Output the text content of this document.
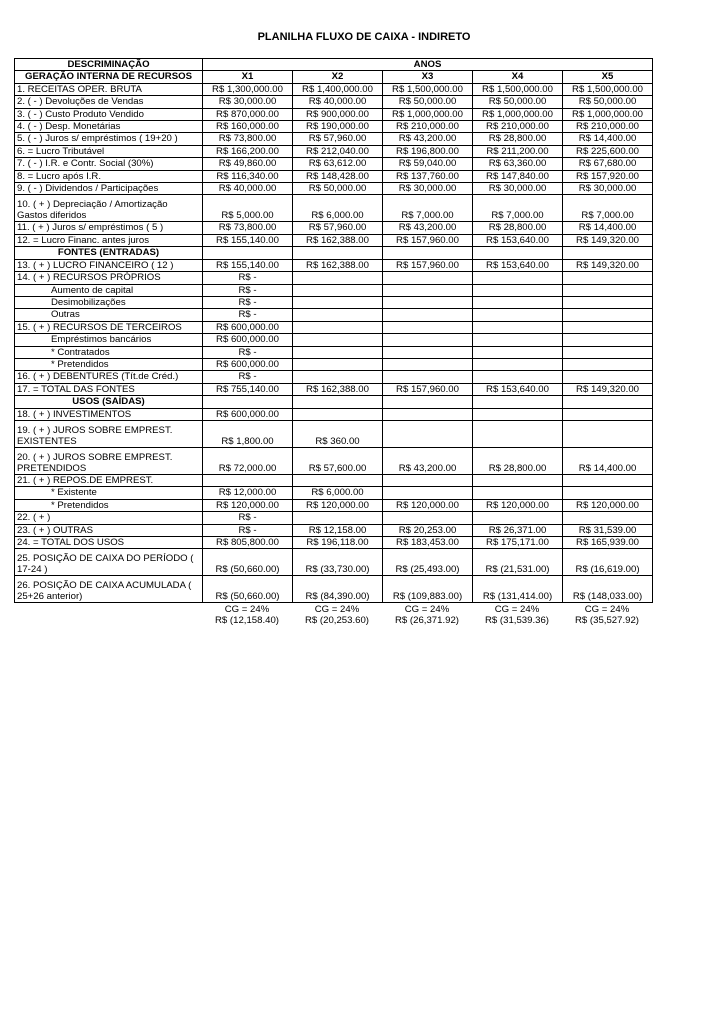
PLANILHA FLUXO DE CAIXA - INDIRETO
DESCRIMINAÇÃO	ANOS				
GERAÇÃO INTERNA DE RECURSOS	X1	X2	X3	X4	X5
1. RECEITAS OPER. BRUTA	R$ 1,300,000.00	R$ 1,400,000.00	R$ 1,500,000.00	R$ 1,500,000.00	R$ 1,500,000.00
2. ( - ) Devoluções de Vendas	R$ 30,000.00	R$ 40,000.00	R$ 50,000.00	R$ 50,000.00	R$ 50,000.00
3. ( - ) Custo Produto Vendido	R$ 870,000.00	R$ 900,000.00	R$ 1,000,000.00	R$ 1,000,000.00	R$ 1,000,000.00
4. ( - ) Desp. Monetárias	R$ 160,000.00	R$ 190,000.00	R$ 210,000.00	R$ 210,000.00	R$ 210,000.00
5. ( - ) Juros s/ empréstimos ( 19+20 )	R$ 73,800.00	R$ 57,960.00	R$ 43,200.00	R$ 28,800.00	R$ 14,400.00
6. = Lucro Tributável	R$ 166,200.00	R$ 212,040.00	R$ 196,800.00	R$ 211,200.00	R$ 225,600.00
7. ( - ) I.R. e Contr. Social (30%)	R$ 49,860.00	R$ 63,612.00	R$ 59,040.00	R$ 63,360.00	R$ 67,680.00
8. = Lucro após I.R.	R$ 116,340.00	R$ 148,428.00	R$ 137,760.00	R$ 147,840.00	R$ 157,920.00
9. ( - ) Dividendos / Participações	R$ 40,000.00	R$ 50,000.00	R$ 30,000.00	R$ 30,000.00	R$ 30,000.00
10. ( + ) Depreciação / Amortização Gastos diferidos	R$ 5,000.00	R$ 6,000.00	R$ 7,000.00	R$ 7,000.00	R$ 7,000.00
11. ( + ) Juros s/ empréstimos ( 5 )	R$ 73,800.00	R$ 57,960.00	R$ 43,200.00	R$ 28,800.00	R$ 14,400.00
12. = Lucro Financ. antes juros	R$ 155,140.00	R$ 162,388.00	R$ 157,960.00	R$ 153,640.00	R$ 149,320.00
FONTES (ENTRADAS)					
13. ( + ) LUCRO FINANCEIRO ( 12 )	R$ 155,140.00	R$ 162,388.00	R$ 157,960.00	R$ 153,640.00	R$ 149,320.00
14. ( + ) RECURSOS PRÓPRIOS	R$ -				
Aumento de capital	R$ -				
Desimobilizações	R$ -				
Outras	R$ -				
15. ( + ) RECURSOS DE TERCEIROS	R$ 600,000.00				
Empréstimos bancários	R$ 600,000.00				
* Contratados	R$ -				
* Pretendidos	R$ 600,000.00				
16. ( + ) DEBENTURES (Tít.de Créd.)	R$ -				
17. = TOTAL DAS FONTES	R$ 755,140.00	R$ 162,388.00	R$ 157,960.00	R$ 153,640.00	R$ 149,320.00
USOS (SAÍDAS)					
18. ( + ) INVESTIMENTOS	R$ 600,000.00				
19. ( + ) JUROS SOBRE EMPREST. EXISTENTES	R$ 1,800.00	R$ 360.00			
20. ( + ) JUROS SOBRE EMPREST. PRETENDIDOS	R$ 72,000.00	R$ 57,600.00	R$ 43,200.00	R$ 28,800.00	R$ 14,400.00
21. ( + ) REPOS.DE EMPREST.					
* Existente	R$ 12,000.00	R$ 6,000.00			
* Pretendidos	R$ 120,000.00	R$ 120,000.00	R$ 120,000.00	R$ 120,000.00	R$ 120,000.00
22. ( + )	R$ -				
23. ( + ) OUTRAS	R$ -	R$ 12,158.00	R$ 20,253.00	R$ 26,371.00	R$ 31,539.00
24. = TOTAL DOS USOS	R$ 805,800.00	R$ 196,118.00	R$ 183,453.00	R$ 175,171.00	R$ 165,939.00
25. POSIÇÃO DE CAIXA DO PERÍODO ( 17-24 )	R$ (50,660.00)	R$ (33,730.00)	R$ (25,493.00)	R$ (21,531.00)	R$ (16,619.00)
26. POSIÇÃO DE CAIXA ACUMULADA ( 25+26 anterior)	R$ (50,660.00)	R$ (84,390.00)	R$ (109,883.00)	R$ (131,414.00)	R$ (148,033.00)
CG = 24%	CG = 24%	CG = 24%	CG = 24%	CG = 24%
R$ (12,158.40)	R$ (20,253.60)	R$ (26,371.92)	R$ (31,539.36)	R$ (35,527.92)
